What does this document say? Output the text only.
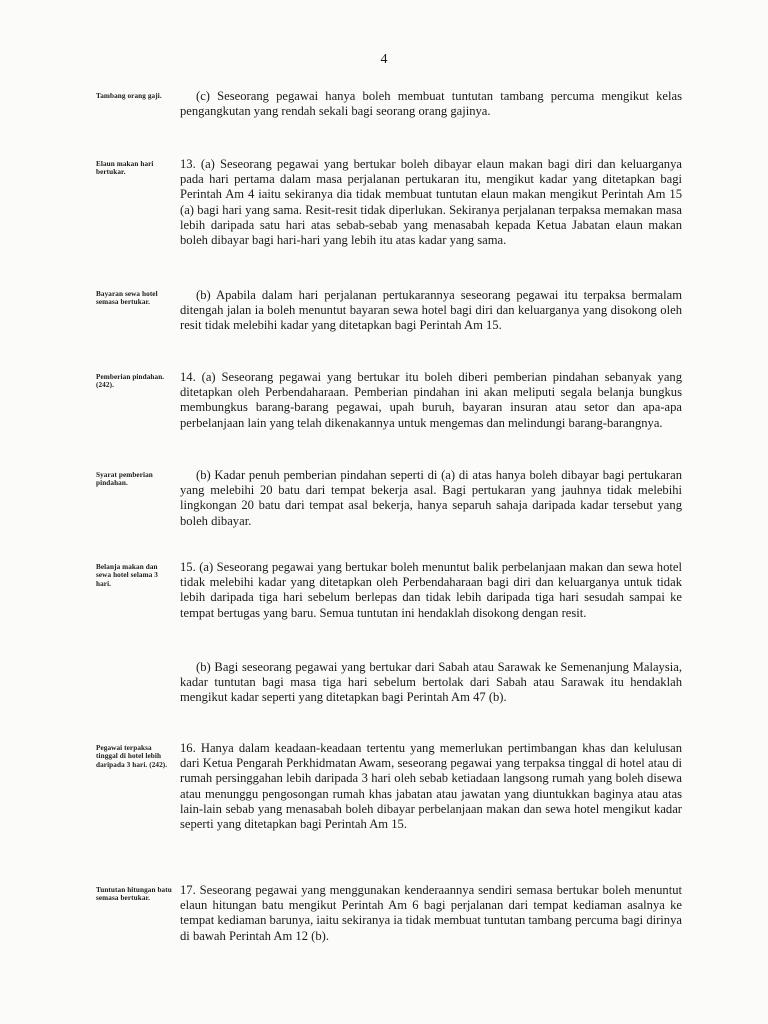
4
Tambang orang gaji.	(c) Seseorang pegawai hanya boleh membuat tuntutan tambang percuma mengikut kelas pengangkutan yang rendah sekali bagi seorang orang gajinya.
Elaun makan hari bertukar.
13. (a) Seseorang pegawai yang bertukar boleh dibayar elaun makan bagi diri dan keluarganya pada hari pertama dalam masa perjalanan pertukaran itu, mengikut kadar yang ditetapkan bagi Perintah Am 4 iaitu sekiranya dia tidak membuat tuntutan elaun makan mengikut Perintah Am 15 (a) bagi hari yang sama. Resit-resit tidak diperlukan. Sekiranya perjalanan terpaksa memakan masa lebih daripada satu hari atas sebab-sebab yang menasabah kepada Ketua Jabatan elaun makan boleh dibayar bagi hari-hari yang lebih itu atas kadar yang sama.
Bayaran sewa hotel semasa bertukar.
(b) Apabila dalam hari perjalanan pertukarannya seseorang pegawai itu terpaksa bermalam ditengah jalan ia boleh menuntut bayaran sewa hotel bagi diri dan keluarganya yang disokong oleh resit tidak melebihi kadar yang ditetapkan bagi Perintah Am 15.
Pemberian pindahan. (242).
14. (a) Seseorang pegawai yang bertukar itu boleh diberi pemberian pindahan sebanyak yang ditetapkan oleh Perbendaharaan. Pemberian pindahan ini akan meliputi segala belanja bungkus membungkus barang-barang pegawai, upah buruh, bayaran insuran atau setor dan apa-apa perbelanjaan lain yang telah dikenakannya untuk mengemas dan melindungi barang-barangnya.
Syarat pemberian pindahan.
(b) Kadar penuh pemberian pindahan seperti di (a) di atas hanya boleh dibayar bagi pertukaran yang melebihi 20 batu dari tempat bekerja asal. Bagi pertukaran yang jauhnya tidak melebihi lingkongan 20 batu dari tempat asal bekerja, hanya separuh sahaja daripada kadar tersebut yang boleh dibayar.
Belanja makan dan sewa hotel selama 3 hari.
15. (a) Seseorang pegawai yang bertukar boleh menuntut balik perbelanjaan makan dan sewa hotel tidak melebihi kadar yang ditetapkan oleh Perbendaharaan bagi diri dan keluarganya untuk tidak lebih daripada tiga hari sebelum berlepas dan tidak lebih daripada tiga hari sesudah sampai ke tempat bertugas yang baru. Semua tuntutan ini hendaklah disokong dengan resit.
(b) Bagi seseorang pegawai yang bertukar dari Sabah atau Sarawak ke Semenanjung Malaysia, kadar tuntutan bagi masa tiga hari sebelum bertolak dari Sabah atau Sarawak itu hendaklah mengikut kadar seperti yang ditetapkan bagi Perintah Am 47 (b).
Pegawai terpaksa tinggal di hotel lebih daripada 3 hari. (242).
16. Hanya dalam keadaan-keadaan tertentu yang memerlukan pertimbangan khas dan kelulusan dari Ketua Pengarah Perkhidmatan Awam, seseorang pegawai yang terpaksa tinggal di hotel atau di rumah persinggahan lebih daripada 3 hari oleh sebab ketiadaan langsong rumah yang boleh disewa atau menunggu pengosongan rumah khas jabatan atau jawatan yang diuntukkan baginya atau atas lain-lain sebab yang menasabah boleh dibayar perbelanjaan makan dan sewa hotel mengikut kadar seperti yang ditetapkan bagi Perintah Am 15.
Tuntutan hitungan batu semasa bertukar.
17. Seseorang pegawai yang menggunakan kenderaannya sendiri semasa bertukar boleh menuntut elaun hitungan batu mengikut Perintah Am 6 bagi perjalanan dari tempat kediaman asalnya ke tempat kediaman barunya, iaitu sekiranya ia tidak membuat tuntutan tambang percuma bagi dirinya di bawah Perintah Am 12 (b).
